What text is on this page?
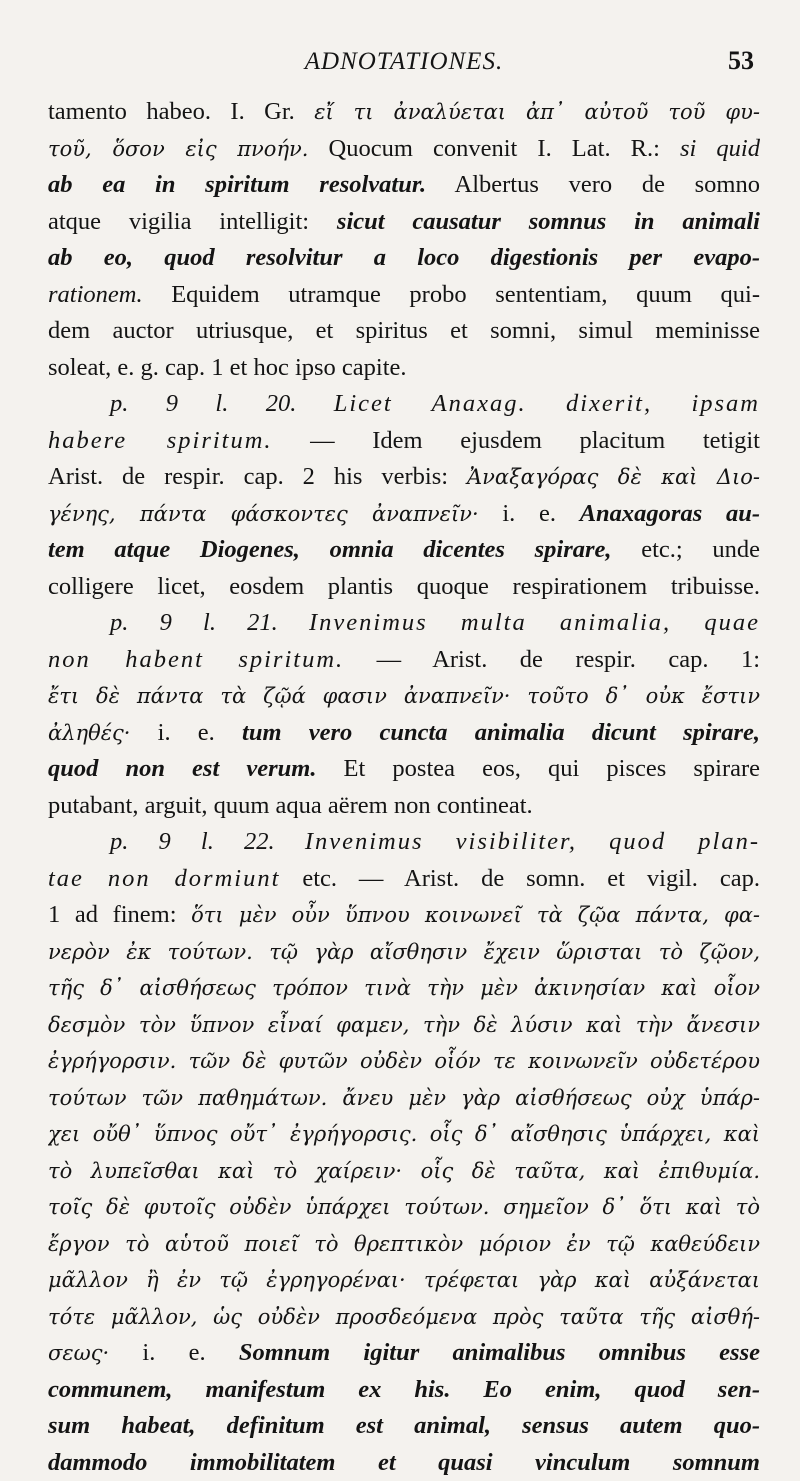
ADNOTATIONES.	53
tamento habeo. I. Gr. εἴ τι ἀναλύεται ἀπ᾽ αὐτοῦ τοῦ φυ-
τοῦ, ὅσον εἰς πνοήν. Quocum convenit I. Lat. R.: si quid
ab ea in spiritum resolvatur. Albertus vero de somno
atque vigilia intelligit: sicut causatur somnus in animali
ab eo, quod resolvitur a loco digestionis per evapo-
rationem. Equidem utramque probo sententiam, quum qui-
dem auctor utriusque, et spiritus et somni, simul meminisse
soleat, e. g. cap. 1 et hoc ipso capite.
p. 9 l. 20. Licet Anaxag. dixerit, ipsam
habere spiritum. — Idem ejusdem placitum tetigit
Arist. de respir. cap. 2 his verbis: Ἀναξαγόρας δὲ καὶ Διο-
γένης, πάντα φάσκοντες ἀναπνεῖν· i. e. Anaxagoras au-
tem atque Diogenes, omnia dicentes spirare, etc.; unde
colligere licet, eosdem plantis quoque respirationem tribuisse.
p. 9 l. 21. Invenimus multa animalia, quae
non habent spiritum. — Arist. de respir. cap. 1:
ἔτι δὲ πάντα τὰ ζῷά φασιν ἀναπνεῖν· τοῦτο δ᾽ οὐκ ἔστιν
ἀληθές· i. e. tum vero cuncta animalia dicunt spirare,
quod non est verum. Et postea eos, qui pisces spirare
putabant, arguit, quum aqua aërem non contineat.
p. 9 l. 22. Invenimus visibiliter, quod plan-
tae non dormiunt etc. — Arist. de somn. et vigil. cap.
1 ad finem: ὅτι μὲν οὖν ὕπνου κοινωνεῖ τὰ ζῷα πάντα, φα-
νερὸν ἐκ τούτων. τῷ γὰρ αἴσθησιν ἔχειν ὥρισται τὸ ζῷον,
τῆς δ᾽ αἰσθήσεως τρόπον τινὰ τὴν μὲν ἀκινησίαν καὶ οἷον
δεσμὸν τὸν ὕπνον εἶναί φαμεν, τὴν δὲ λύσιν καὶ τὴν ἄνεσιν
ἐγρήγορσιν. τῶν δὲ φυτῶν οὐδὲν οἷόν τε κοινωνεῖν οὐδετέρου
τούτων τῶν παθημάτων. ἄνευ μὲν γὰρ αἰσθήσεως οὐχ ὑπάρ-
χει οὔθ᾽ ὕπνος οὔτ᾽ ἐγρήγορσις. οἷς δ᾽ αἴσθησις ὑπάρχει, καὶ
τὸ λυπεῖσθαι καὶ τὸ χαίρειν· οἷς δὲ ταῦτα, καὶ ἐπιθυμία.
τοῖς δὲ φυτοῖς οὐδὲν ὑπάρχει τούτων. σημεῖον δ᾽ ὅτι καὶ τὸ
ἔργον τὸ αὑτοῦ ποιεῖ τὸ θρεπτικὸν μόριον ἐν τῷ καθεύδειν
μᾶλλον ἢ ἐν τῷ ἐγρηγορέναι· τρέφεται γὰρ καὶ αὐξάνεται
τότε μᾶλλον, ὡς οὐδὲν προσδεόμενα πρὸς ταῦτα τῆς αἰσθή-
σεως· i. e. Somnum igitur animalibus omnibus esse
communem, manifestum ex his. Eo enim, quod sen-
sum habeat, definitum est animal, sensus autem quo-
dammodo immobilitatem et quasi vinculum somnum
